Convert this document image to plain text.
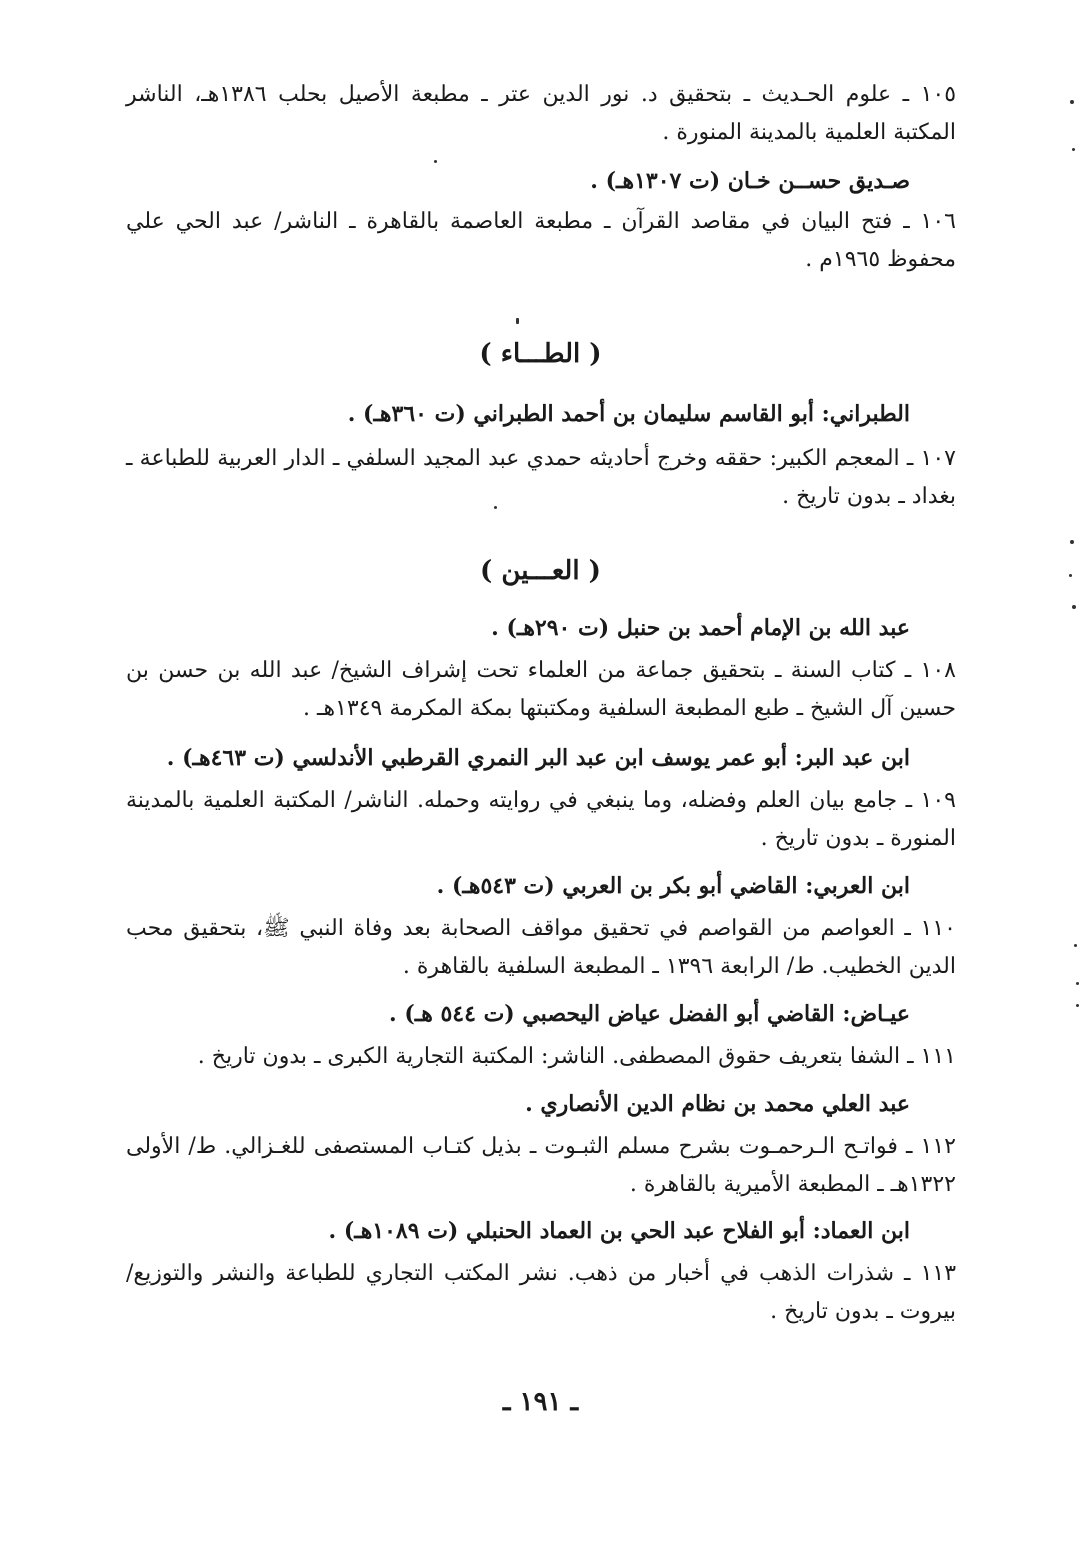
١٠٥ ـ علوم الحـديث ـ بتحقيق د. نور الدين عتر ـ مطبعة الأصيل بحلب ١٣٨٦هـ، الناشر المكتبة العلمية بالمدينة المنورة .
صـديق حســن خـان (ت ١٣٠٧هـ) .
١٠٦ ـ فتح البيان في مقاصد القرآن ـ مطبعة العاصمة بالقاهرة ـ الناشر/ عبد الحي علي محفوظ ١٩٦٥م .
( الطـــاء )
الطبراني: أبو القاسم سليمان بن أحمد الطبراني (ت ٣٦٠هـ) .
١٠٧ ـ المعجم الكبير: حققه وخرج أحاديثه حمدي عبد المجيد السلفي ـ الدار العربية للطباعة ـ بغداد ـ بدون تاريخ .
( العـــين )
عبد الله بن الإمام أحمد بن حنبل (ت ٢٩٠هـ) .
١٠٨ ـ كتاب السنة ـ بتحقيق جماعة من العلماء تحت إشراف الشيخ/ عبد الله بن حسن بن حسين آل الشيخ ـ طبع المطبعة السلفية ومكتبتها بمكة المكرمة ١٣٤٩هـ .
ابن عبد البر: أبو عمر يوسف ابن عبد البر النمري القرطبي الأندلسي (ت ٤٦٣هـ) .
١٠٩ ـ جامع بيان العلم وفضله، وما ينبغي في روايته وحمله. الناشر/ المكتبة العلمية بالمدينة المنورة ـ بدون تاريخ .
ابن العربي: القاضي أبو بكر بن العربي (ت ٥٤٣هـ) .
١١٠ ـ العواصم من القواصم في تحقيق مواقف الصحابة بعد وفاة النبي ﷺ، بتحقيق محب الدين الخطيب. ط/ الرابعة ١٣٩٦ ـ المطبعة السلفية بالقاهرة .
عيـاض: القاضي أبو الفضل عياض اليحصبي (ت ٥٤٤ هـ) .
١١١ ـ الشفا بتعريف حقوق المصطفى. الناشر: المكتبة التجارية الكبرى ـ بدون تاريخ .
عبد العلي محمد بن نظام الدين الأنصاري .
١١٢ ـ فواتـح الـرحمـوت بشرح مسلم الثبـوت ـ بذيل كتـاب المستصفى للغـزالي. ط/ الأولى ١٣٢٢هـ ـ المطبعة الأميرية بالقاهرة .
ابن العماد: أبو الفلاح عبد الحي بن العماد الحنبلي (ت ١٠٨٩هـ) .
١١٣ ـ شذرات الذهب في أخبار من ذهب. نشر المكتب التجاري للطباعة والنشر والتوزيع/ بيروت ـ بدون تاريخ .
ـ ١٩١ ـ
